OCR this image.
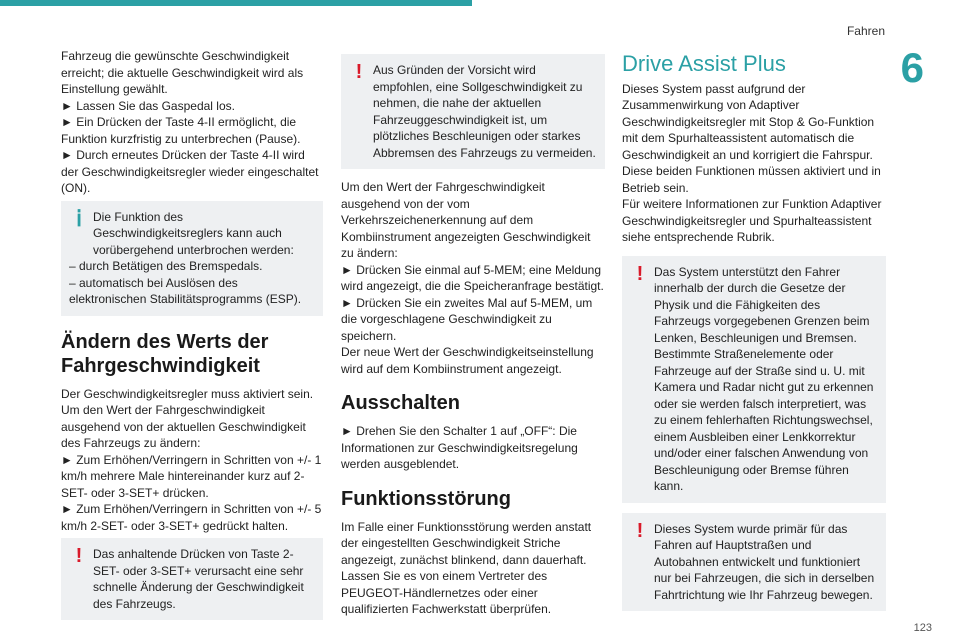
Fahren
6

Fahrzeug die gewünschte Geschwindigkeit erreicht; die aktuelle Geschwindigkeit wird als Einstellung gewählt.

► Lassen Sie das Gaspedal los.

► Ein Drücken der Taste 4-II ermöglicht, die Funktion kurzfristig zu unterbrechen (Pause).

► Durch erneutes Drücken der Taste 4-II wird der Geschwindigkeitsregler wieder eingeschaltet (ON).

ⅰ Die Funktion des Geschwindigkeitsreglers kann auch vorübergehend unterbrochen werden:

– durch Betätigen des Bremspedals.

– automatisch bei Auslösen des elektronischen Stabilitätsprogramms (ESP).

Ändern des Werts der Fahrgeschwindigkeit

Der Geschwindigkeitsregler muss aktiviert sein.

Um den Wert der Fahrgeschwindigkeit ausgehend von der aktuellen Geschwindigkeit des Fahrzeugs zu ändern:

► Zum Erhöhen/Verringern in Schritten von +/- 1 km/h mehrere Male hintereinander kurz auf 2-SET- oder 3-SET+ drücken.

► Zum Erhöhen/Verringern in Schritten von +/- 5 km/h 2-SET- oder 3-SET+ gedrückt halten.

! Das anhaltende Drücken von Taste 2-SET- oder 3-SET+ verursacht eine sehr schnelle Änderung der Geschwindigkeit des Fahrzeugs.

! Aus Gründen der Vorsicht wird empfohlen, eine Sollgeschwindigkeit zu nehmen, die nahe der aktuellen Fahrzeuggeschwindigkeit ist, um plötzliches Beschleunigen oder starkes Abbremsen des Fahrzeugs zu vermeiden.

Um den Wert der Fahrgeschwindigkeit ausgehend von der vom Verkehrszeichenerkennung auf dem Kombiinstrument angezeigten Geschwindigkeit zu ändern:

► Drücken Sie einmal auf 5-MEM; eine Meldung wird angezeigt, die die Speicheranfrage bestätigt.

► Drücken Sie ein zweites Mal auf 5-MEM, um die vorgeschlagene Geschwindigkeit zu speichern.

Der neue Wert der Geschwindigkeitseinstellung wird auf dem Kombiinstrument angezeigt.

Ausschalten

► Drehen Sie den Schalter 1 auf „OFF“: Die Informationen zur Geschwindigkeitsregelung werden ausgeblendet.

Funktionsstörung

Im Falle einer Funktionsstörung werden anstatt der eingestellten Geschwindigkeit Striche angezeigt, zunächst blinkend, dann dauerhaft.

Lassen Sie es von einem Vertreter des PEUGEOT-Händlernetzes oder einer qualifizierten Fachwerkstatt überprüfen.

Drive Assist Plus

Dieses System passt aufgrund der Zusammenwirkung von Adaptiver Geschwindigkeitsregler mit Stop & Go-Funktion mit dem Spurhalteassistent automatisch die Geschwindigkeit an und korrigiert die Fahrspur. Diese beiden Funktionen müssen aktiviert und in Betrieb sein.

Für weitere Informationen zur Funktion Adaptiver Geschwindigkeitsregler und Spurhalteassistent siehe entsprechende Rubrik.

! Das System unterstützt den Fahrer innerhalb der durch die Gesetze der Physik und die Fähigkeiten des Fahrzeugs vorgegebenen Grenzen beim Lenken, Beschleunigen und Bremsen. Bestimmte Straßenelemente oder Fahrzeuge auf der Straße sind u. U. mit Kamera und Radar nicht gut zu erkennen oder sie werden falsch interpretiert, was zu einem fehlerhaften Richtungswechsel, einem Ausbleiben einer Lenkkorrektur und/oder einer falschen Anwendung von Beschleunigung oder Bremse führen kann.

! Dieses System wurde primär für das Fahren auf Hauptstraßen und Autobahnen entwickelt und funktioniert nur bei Fahrzeugen, die sich in derselben Fahrtrichtung wie Ihr Fahrzeug bewegen.

123
